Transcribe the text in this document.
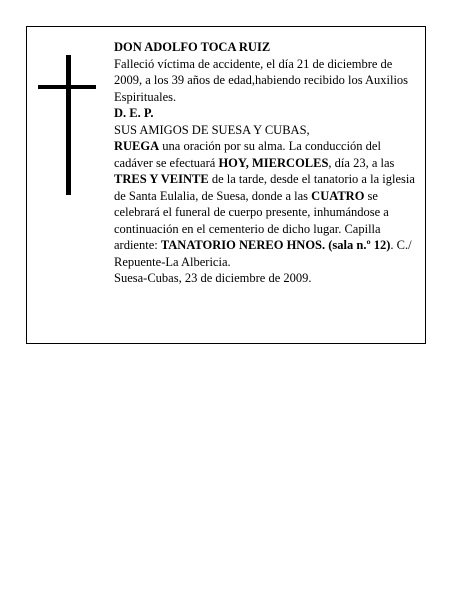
DON ADOLFO TOCA RUIZ

Falleció víctima de accidente, el día 21 de diciembre de 2009, a los 39 años de edad,habiendo recibido los Auxilios Espirituales.

D. E. P.

SUS AMIGOS DE SUESA Y CUBAS,

RUEGA una oración por su alma. La conducción del cadáver se efectuará HOY, MIERCOLES, día 23, a las TRES Y VEINTE de la tarde, desde el tanatorio a la iglesia de Santa Eulalia, de Suesa, donde a las CUATRO se celebrará el funeral de cuerpo presente, inhumándose a continuación en el cementerio de dicho lugar. Capilla ardiente: TANATORIO NEREO HNOS. (sala n.º 12). C./ Repuente-La Albericia.

Suesa-Cubas, 23 de diciembre de 2009.
